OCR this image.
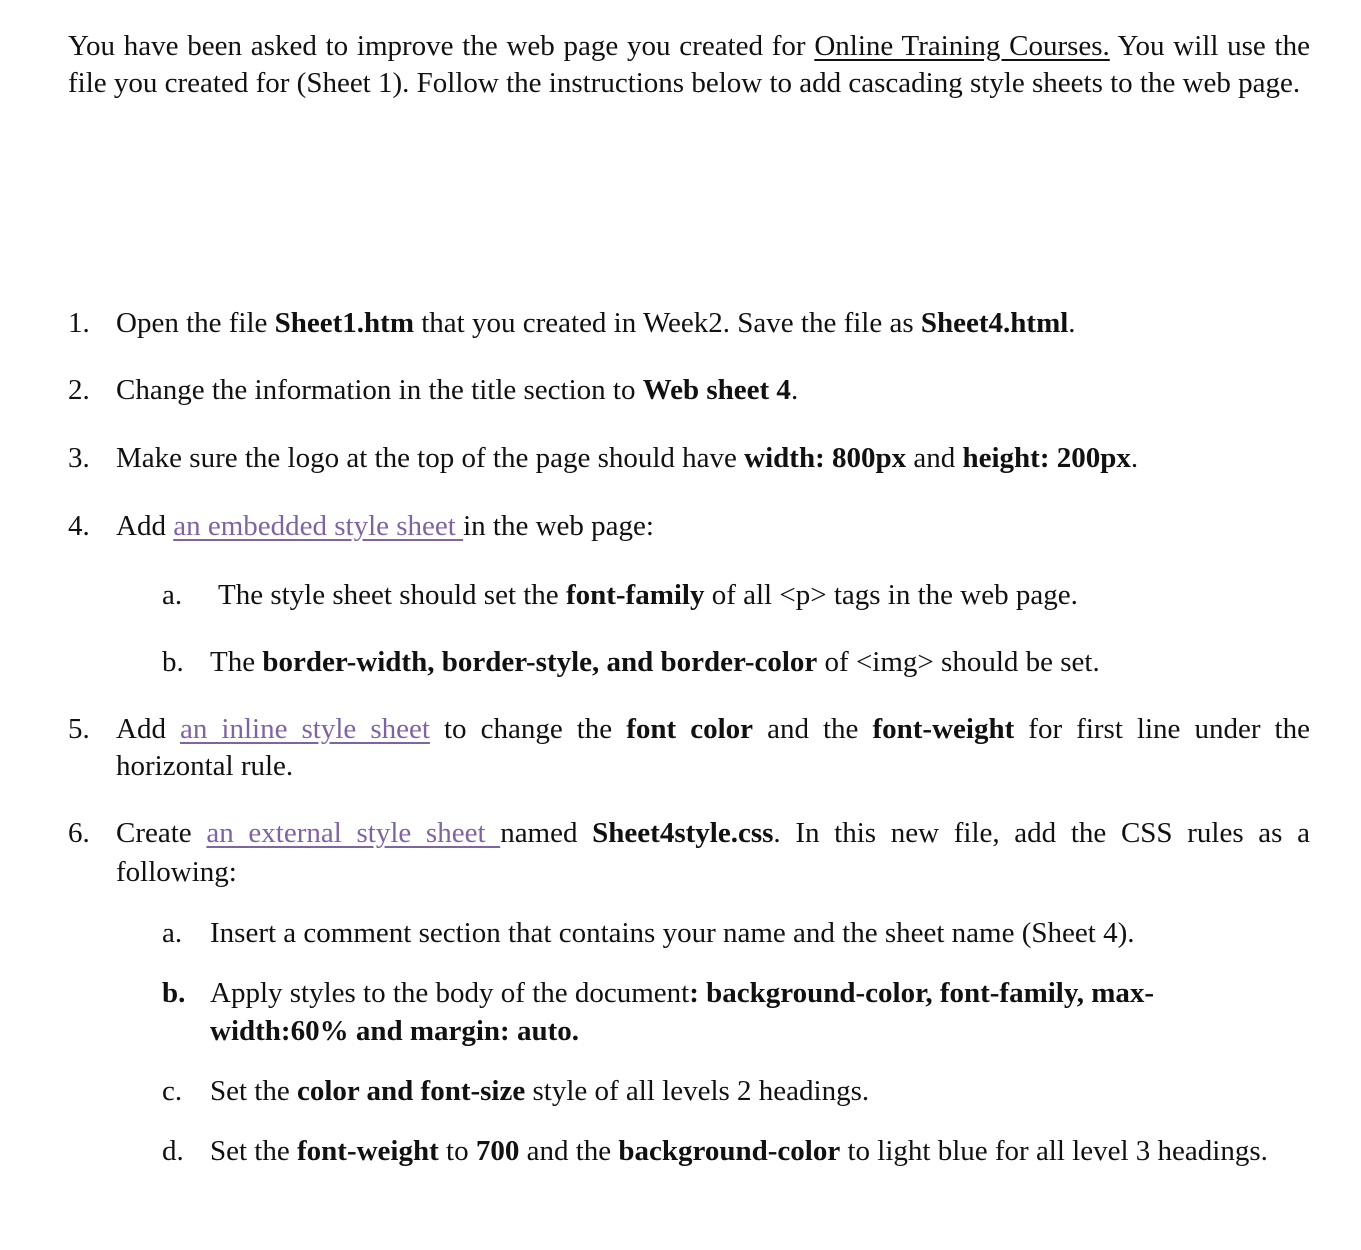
You have been asked to improve the web page you created for Online Training Courses. You will use the file you created for (Sheet 1). Follow the instructions below to add cascading style sheets to the web page.

1. Open the file Sheet1.htm that you created in Week2. Save the file as Sheet4.html.
2. Change the information in the title section to Web sheet 4.
3. Make sure the logo at the top of the page should have width: 800px and height: 200px.
4. Add an embedded style sheet in the web page:
a. The style sheet should set the font-family of all <p> tags in the web page.
b. The border-width, border-style, and border-color of <img> should be set.
5. Add an inline style sheet to change the font color and the font-weight for first line under the horizontal rule.
6. Create an external style sheet named Sheet4style.css. In this new file, add the CSS rules as a following:
a. Insert a comment section that contains your name and the sheet name (Sheet 4).
b. Apply styles to the body of the document: background-color, font-family, max-width:60% and margin: auto.
c. Set the color and font-size style of all levels 2 headings.
d. Set the font-weight to 700 and the background-color to light blue for all level 3 headings.
